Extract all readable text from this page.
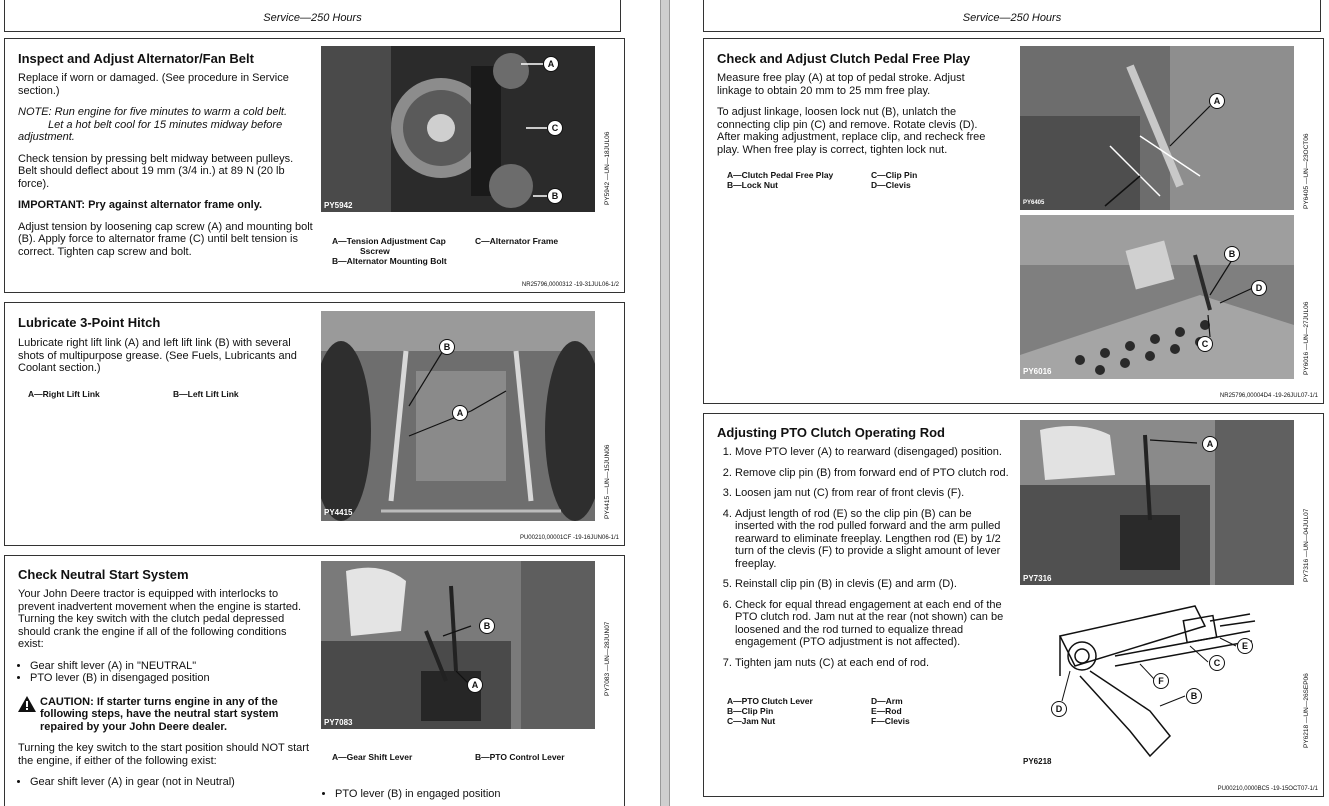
Service—250 Hours
Inspect and Adjust Alternator/Fan Belt

Replace if worn or damaged. (See procedure in Service section.)

NOTE: Run engine for five minutes to warm a cold belt.
Let a hot belt cool for 15 minutes midway before adjustment.

Check tension by pressing belt midway between pulleys. Belt should deflect about 19 mm (3/4 in.) at 89 N (20 lb force).

IMPORTANT: Pry against alternator frame only.

Adjust tension by loosening cap screw (A) and mounting bolt (B). Apply force to alternator frame (C) until belt tension is correct. Tighten cap screw and bolt.

A
C
B
PY5942
PY5942 —UN—18JUL06
A—Tension Adjustment Cap
Sscrew
B—Alternator Mounting Bolt
C—Alternator Frame
NR25796,0000312 -19-31JUL06-1/2
Lubricate 3-Point Hitch

Lubricate right lift link (A) and left lift link (B) with several shots of multipurpose grease. (See Fuels, Lubricants and Coolant section.)

A—Right Lift Link	B—Left Lift Link
B
A
PY4415	PY4415 —UN—15JUN06
PU00210,00001CF -19-16JUN06-1/1
Check Neutral Start System

Your John Deere tractor is equipped with interlocks to prevent inadvertent movement when the engine is started. Turning the key switch with the clutch pedal depressed should crank the engine if all of the following conditions exist:

• Gear shift lever (A) in "NEUTRAL"
• PTO lever (B) in disengaged position
CAUTION: If starter turns engine in any of the following steps, have the neutral start system repaired by your John Deere dealer.

Turning the key switch to the start position should NOT start the engine, if either of the following exist:

• Gear shift lever (A) in gear (not in Neutral)
B
A
PY7083
PY7083 —UN—28JUN07
A—Gear Shift Lever	B—PTO Control Lever
• PTO lever (B) in engaged position
Service—250 Hours
Check and Adjust Clutch Pedal Free Play

Measure free play (A) at top of pedal stroke. Adjust linkage to obtain 20 mm to 25 mm free play.

To adjust linkage, loosen lock nut (B), unlatch the connecting clip pin (C) and remove. Rotate clevis (D). After making adjustment, replace clip, and recheck free play. When free play is correct, tighten lock nut.

A—Clutch Pedal Free Play
B—Lock Nut
C—Clip Pin
D—Clevis
A
PY6405	PY6405 —UN—23OCT06
B
D
C
PY6016	PY6016 —UN—27JUL06
NR25796,00004D4 -19-26JUL07-1/1
Adjusting PTO Clutch Operating Rod
1. Move PTO lever (A) to rearward (disengaged) position.
2. Remove clip pin (B) from forward end of PTO clutch rod.
3. Loosen jam nut (C) from rear of front clevis (F).
4. Adjust length of rod (E) so the clip pin (B) can be inserted with the rod pulled forward and the arm pulled rearward to eliminate freeplay. Lengthen rod (E) by 1/2 turn of the clevis (F) to provide a slight amount of lever freeplay.
5. Reinstall clip pin (B) in clevis (E) and arm (D).
6. Check for equal thread engagement at each end of the PTO clutch rod. Jam nut at the rear (not shown) can be loosened and the rod turned to equalize thread engagement (PTO adjustment is not affected).
7. Tighten jam nuts (C) at each end of rod.
A—PTO Clutch Lever
B—Clip Pin
C—Jam Nut
D—Arm
E—Rod
F—Clevis
A
PY7316	PY7316 —UN—04JUL07
E
C
F
B
D
PY6218
PY6218 —UN—26SEP06
PU00210,0000BC5 -19-15OCT07-1/1
